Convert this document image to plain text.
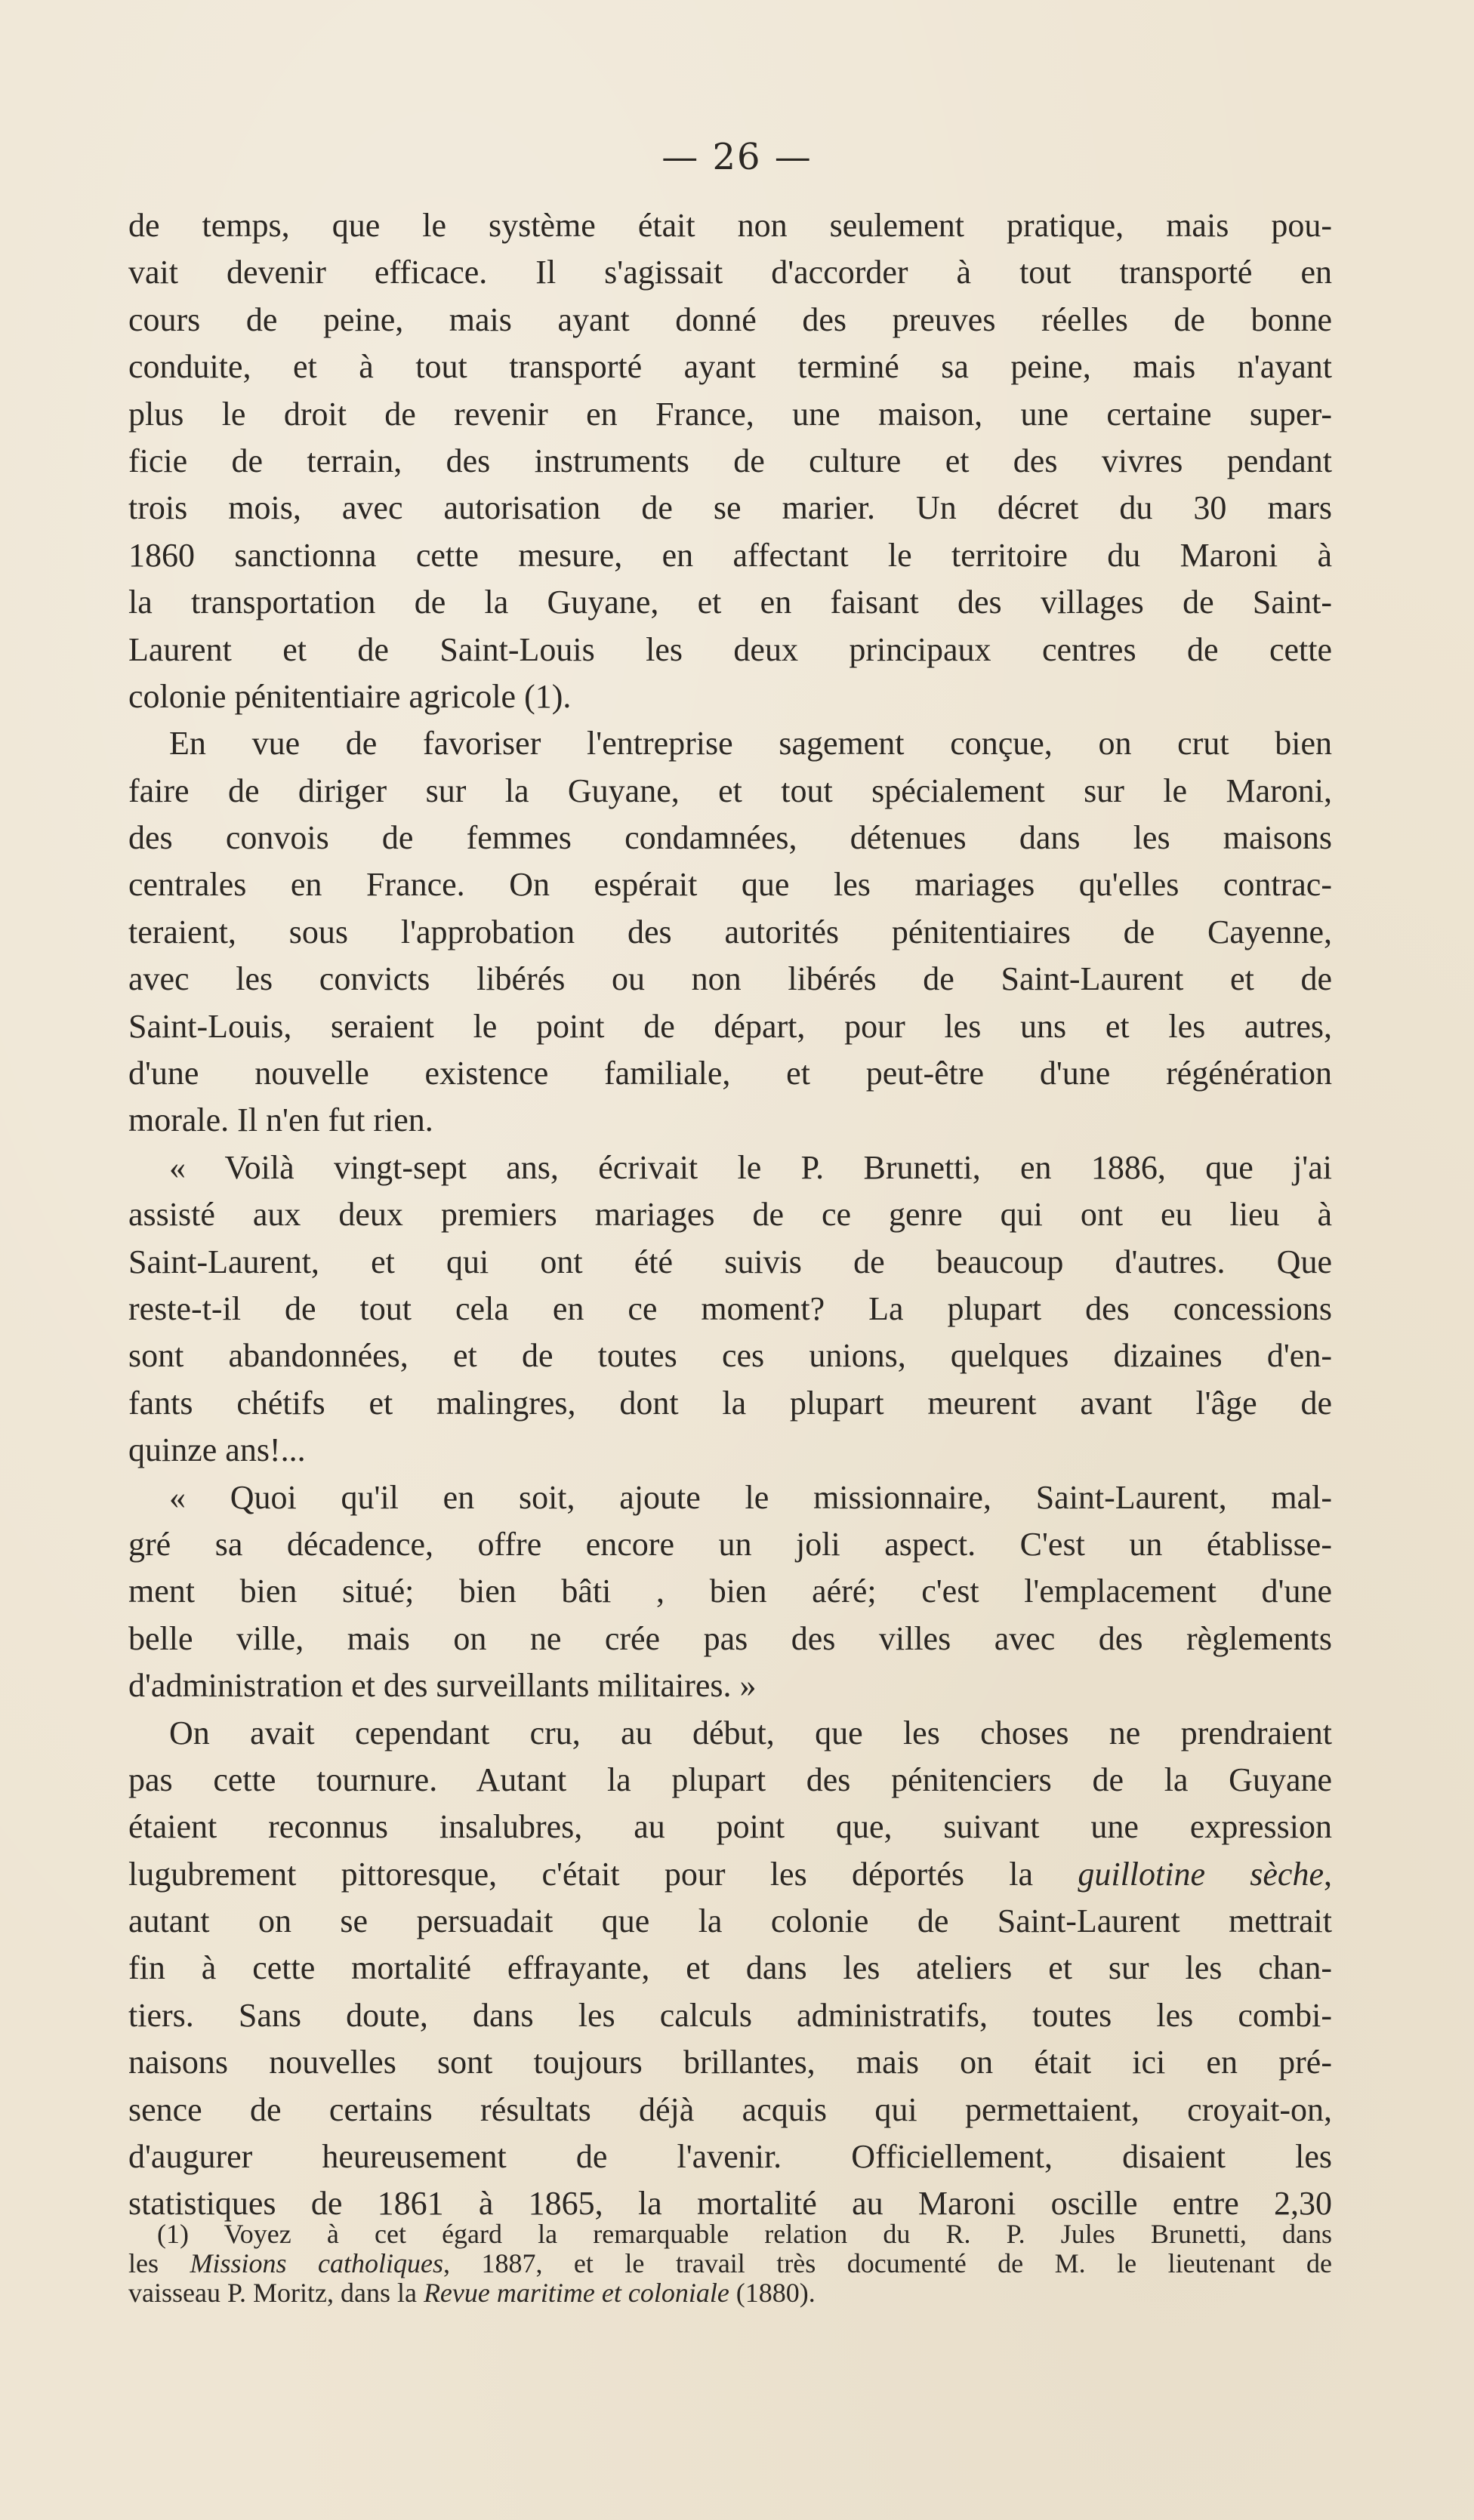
— 26 —
de temps, que le système était non seulement pratique, mais pou-
vait devenir efficace. Il s'agissait d'accorder à tout transporté en
cours de peine, mais ayant donné des preuves réelles de bonne
conduite, et à tout transporté ayant terminé sa peine, mais n'ayant
plus le droit de revenir en France, une maison, une certaine super-
ficie de terrain, des instruments de culture et des vivres pendant
trois mois, avec autorisation de se marier. Un décret du 30 mars
1860 sanctionna cette mesure, en affectant le territoire du Maroni à
la transportation de la Guyane, et en faisant des villages de Saint-
Laurent et de Saint-Louis les deux principaux centres de cette
colonie pénitentiaire agricole (1).
En vue de favoriser l'entreprise sagement conçue, on crut bien
faire de diriger sur la Guyane, et tout spécialement sur le Maroni,
des convois de femmes condamnées, détenues dans les maisons
centrales en France. On espérait que les mariages qu'elles contrac-
teraient, sous l'approbation des autorités pénitentiaires de Cayenne,
avec les convicts libérés ou non libérés de Saint-Laurent et de
Saint-Louis, seraient le point de départ, pour les uns et les autres,
d'une nouvelle existence familiale, et peut-être d'une régénération
morale. Il n'en fut rien.
« Voilà vingt-sept ans, écrivait le P. Brunetti, en 1886, que j'ai
assisté aux deux premiers mariages de ce genre qui ont eu lieu à
Saint-Laurent, et qui ont été suivis de beaucoup d'autres. Que
reste-t-il de tout cela en ce moment? La plupart des concessions
sont abandonnées, et de toutes ces unions, quelques dizaines d'en-
fants chétifs et malingres, dont la plupart meurent avant l'âge de
quinze ans!...
« Quoi qu'il en soit, ajoute le missionnaire, Saint-Laurent, mal-
gré sa décadence, offre encore un joli aspect. C'est un établisse-
ment bien situé; bien bâti , bien aéré; c'est l'emplacement d'une
belle ville, mais on ne crée pas des villes avec des règlements
d'administration et des surveillants militaires. »
On avait cependant cru, au début, que les choses ne prendraient
pas cette tournure. Autant la plupart des pénitenciers de la Guyane
étaient reconnus insalubres, au point que, suivant une expression
lugubrement pittoresque, c'était pour les déportés la guillotine sèche,
autant on se persuadait que la colonie de Saint-Laurent mettrait
fin à cette mortalité effrayante, et dans les ateliers et sur les chan-
tiers. Sans doute, dans les calculs administratifs, toutes les combi-
naisons nouvelles sont toujours brillantes, mais on était ici en pré-
sence de certains résultats déjà acquis qui permettaient, croyait-on,
d'augurer heureusement de l'avenir. Officiellement, disaient les
statistiques de 1861 à 1865, la mortalité au Maroni oscille entre 2,30
(1) Voyez à cet égard la remarquable relation du R. P. Jules Brunetti, dans
les Missions catholiques, 1887, et le travail très documenté de M. le lieutenant de
vaisseau P. Moritz, dans la Revue maritime et coloniale (1880).
